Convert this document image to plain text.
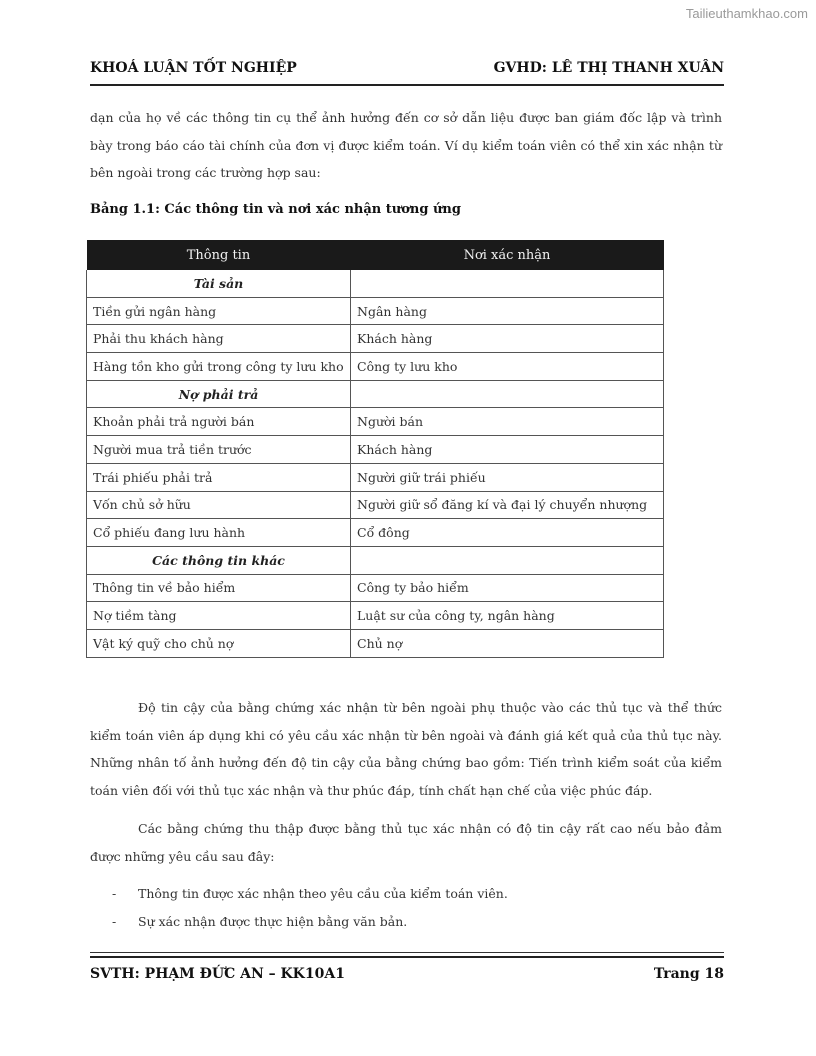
Tailieuthamkhao.com
KHOÁ LUẬN TỐT NGHIỆP	GVHD: LÊ THỊ THANH XUÂN
dạn của họ về các thông tin cụ thể ảnh hưởng đến cơ sở dẫn liệu được ban giám đốc lập và trình bày trong báo cáo tài chính của đơn vị được kiểm toán. Ví dụ kiểm toán viên có thể xin xác nhận từ bên ngoài trong các trường hợp sau:
Bảng 1.1: Các thông tin và nơi xác nhận tương ứng
Thông tin	Nơi xác nhận
Tài sản	
Tiền gửi ngân hàng	Ngân hàng
Phải thu khách hàng	Khách hàng
Hàng tồn kho gửi trong công ty lưu kho	Công ty lưu kho
Nợ phải trả	
Khoản phải trả người bán	Người bán
Người mua trả tiền trước	Khách hàng
Trái phiếu phải trả	Người giữ trái phiếu
Vốn chủ sở hữu	Người giữ sổ đăng kí và đại lý chuyển nhượng
Cổ phiếu đang lưu hành	Cổ đông
Các thông tin khác	
Thông tin về bảo hiểm	Công ty bảo hiểm
Nợ tiềm tàng	Luật sư của công ty, ngân hàng
Vật ký quỹ cho chủ nợ	Chủ nợ
Độ tin cậy của bằng chứng xác nhận từ bên ngoài phụ thuộc vào các thủ tục và thể thức kiểm toán viên áp dụng khi có yêu cầu xác nhận từ bên ngoài và đánh giá kết quả của thủ tục này. Những nhân tố ảnh hưởng đến độ tin cậy của bằng chứng bao gồm: Tiến trình kiểm soát của kiểm toán viên đối với thủ tục xác nhận và thư phúc đáp, tính chất hạn chế của việc phúc đáp.
Các bằng chứng thu thập được bằng thủ tục xác nhận có độ tin cậy rất cao nếu bảo đảm được những yêu cầu sau đây:
-	Thông tin được xác nhận theo yêu cầu của kiểm toán viên.
-	Sự xác nhận được thực hiện bằng văn bản.
SVTH: PHẠM ĐỨC AN – KK10A1	Trang 18
